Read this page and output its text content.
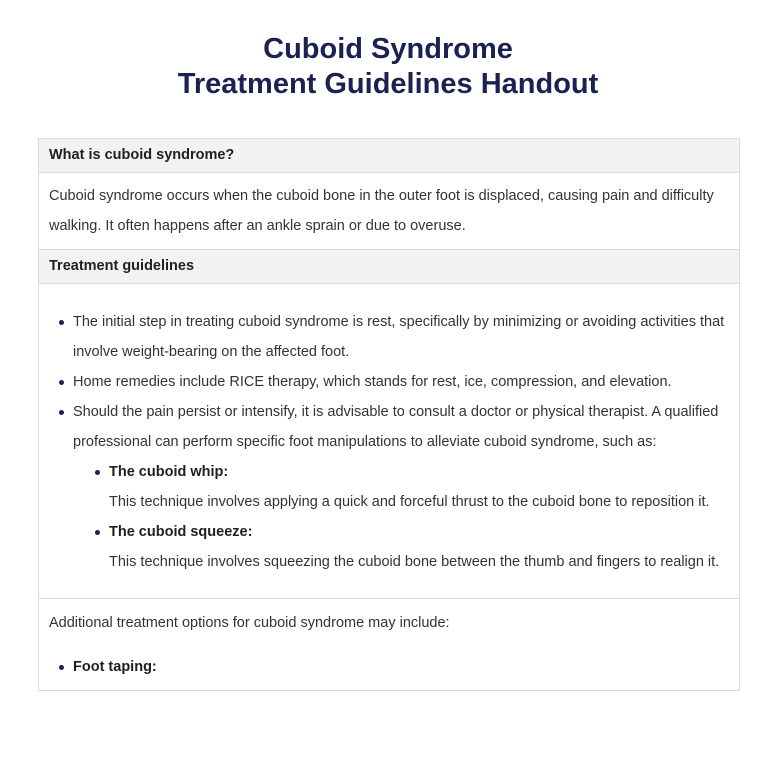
Cuboid Syndrome
Treatment Guidelines Handout
What is cuboid syndrome?

Cuboid syndrome occurs when the cuboid bone in the outer foot is displaced, causing pain and difficulty walking. It often happens after an ankle sprain or due to overuse.

Treatment guidelines
The initial step in treating cuboid syndrome is rest, specifically by minimizing or avoiding activities that involve weight-bearing on the affected foot.
Home remedies include RICE therapy, which stands for rest, ice, compression, and elevation.
Should the pain persist or intensify, it is advisable to consult a doctor or physical therapist. A qualified professional can perform specific foot manipulations to alleviate cuboid syndrome, such as:
The cuboid whip:
This technique involves applying a quick and forceful thrust to the cuboid bone to reposition it.
The cuboid squeeze:
This technique involves squeezing the cuboid bone between the thumb and fingers to realign it.

Additional treatment options for cuboid syndrome may include:

Foot taping:
